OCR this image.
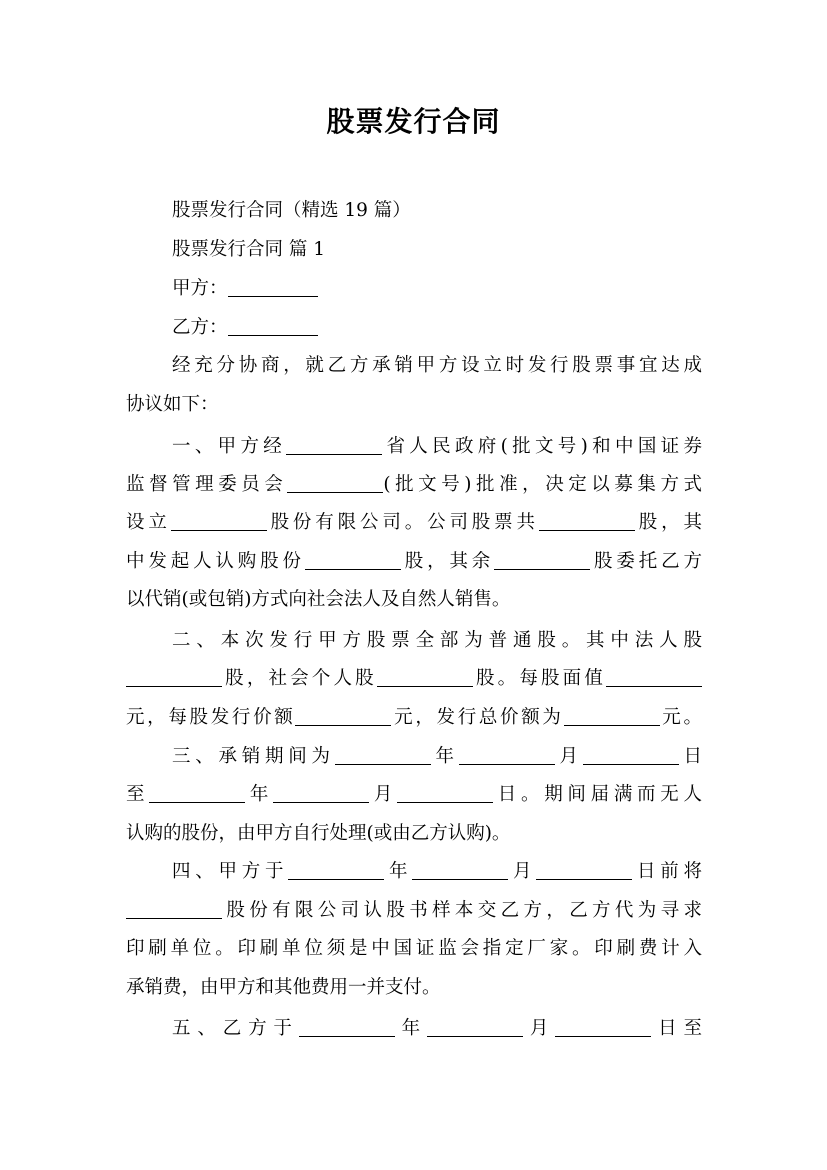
股票发行合同
股票发行合同（精选 19 篇）
股票发行合同 篇 1
甲方：
乙方：
经充分协商，就乙方承销甲方设立时发行股票事宜达成
协议如下：
一、甲方经	省人民政府(批文号)和中国证券
监督管理委员会	(批文号)批准，决定以募集方式
设立	股份有限公司。公司股票共	股，其
中发起人认购股份	股，其余	股委托乙方
以代销(或包销)方式向社会法人及自然人销售。
二、本次发行甲方股票全部为普通股。其中法人股
股，社会个人股	股。每股面值
元，每股发行价额	元，发行总价额为	元。
三、承销期间为	年	月	日
至	年	月	日。期间届满而无人
认购的股份，由甲方自行处理(或由乙方认购)。
四、甲方于	年	月	日前将
股份有限公司认股书样本交乙方，乙方代为寻求
印刷单位。印刷单位须是中国证监会指定厂家。印刷费计入
承销费，由甲方和其他费用一并支付。
五、乙方于	年	月	日至
